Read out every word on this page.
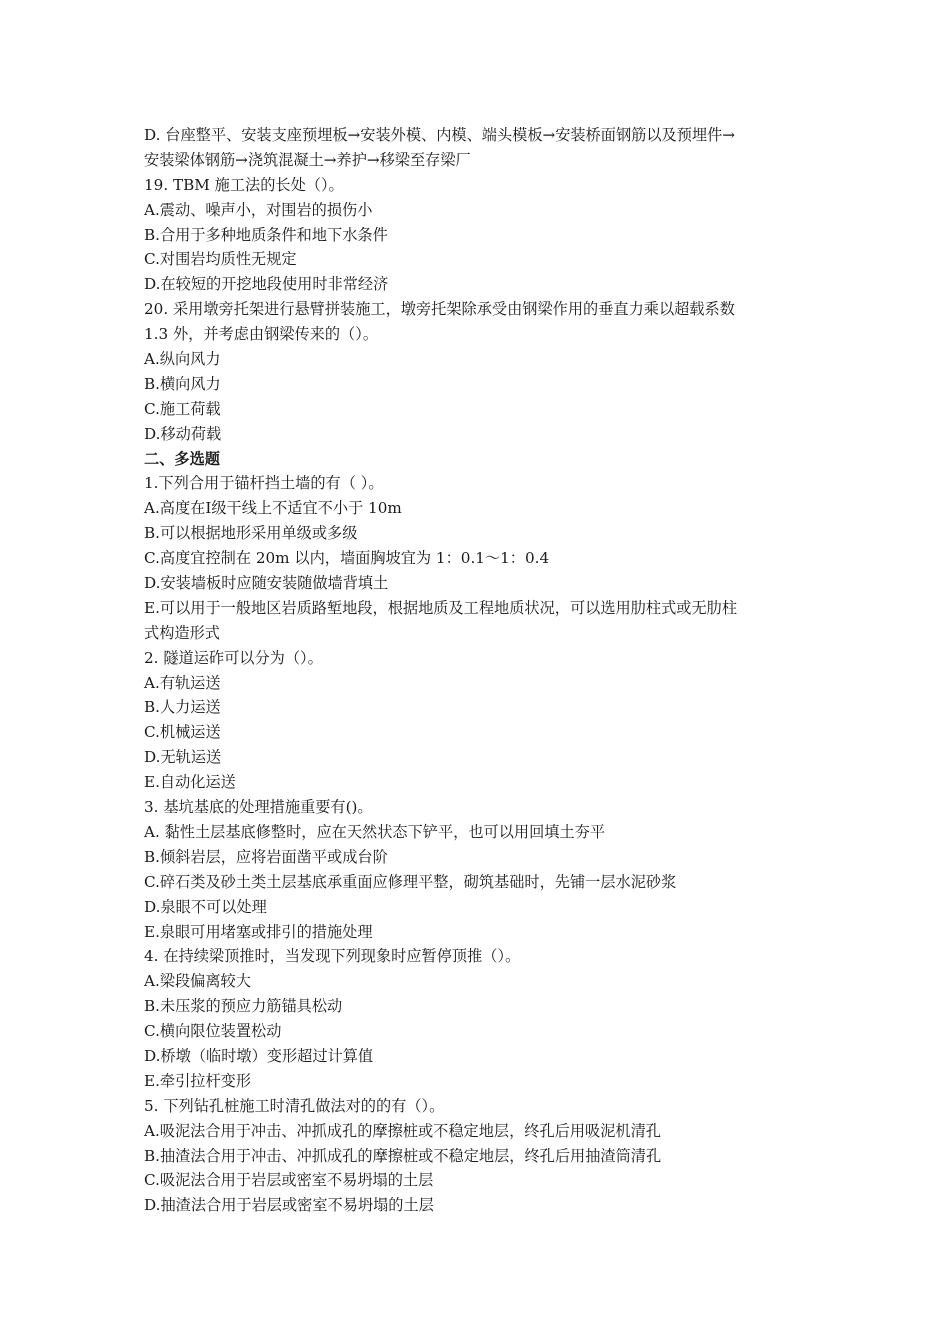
D. 台座整平、安装支座预埋板→安装外模、内模、端头模板→安装桥面钢筋以及预埋件→
安装梁体钢筋→浇筑混凝土→养护→移梁至存梁厂
19. TBM 施工法的长处（）。
A.震动、噪声小，对围岩的损伤小
B.合用于多种地质条件和地下水条件
C.对围岩均质性无规定
D.在较短的开挖地段使用时非常经济
20. 采用墩旁托架进行悬臂拼装施工，墩旁托架除承受由钢梁作用的垂直力乘以超载系数
1.3 外，并考虑由钢梁传来的（）。
A.纵向风力
B.横向风力
C.施工荷载
D.移动荷载
二、多选题
1.下列合用于锚杆挡土墙的有（ ）。
A.高度在Ⅰ级干线上不适宜不小于 10m
B.可以根据地形采用单级或多级
C.高度宜控制在 20m 以内，墙面胸坡宜为 1：0.1～1：0.4
D.安装墙板时应随安装随做墙背填土
E.可以用于一般地区岩质路堑地段，根据地质及工程地质状况，可以选用肋柱式或无肋柱
式构造形式
2. 隧道运砟可以分为（）。
A.有轨运送
B.人力运送
C.机械运送
D.无轨运送
E.自动化运送
3. 基坑基底的处理措施重要有()。
A. 黏性土层基底修整时，应在天然状态下铲平，也可以用回填土夯平
B.倾斜岩层，应将岩面凿平或成台阶
C.碎石类及砂土类土层基底承重面应修理平整，砌筑基础时，先铺一层水泥砂浆
D.泉眼不可以处理
E.泉眼可用堵塞或排引的措施处理
4. 在持续梁顶推时，当发现下列现象时应暂停顶推（）。
A.梁段偏离较大
B.未压浆的预应力筋锚具松动
C.横向限位装置松动
D.桥墩（临时墩）变形超过计算值
E.牵引拉杆变形
5. 下列钻孔桩施工时清孔做法对的的有（）。
A.吸泥法合用于冲击、冲抓成孔的摩擦桩或不稳定地层，终孔后用吸泥机清孔
B.抽渣法合用于冲击、冲抓成孔的摩擦桩或不稳定地层，终孔后用抽渣筒清孔
C.吸泥法合用于岩层或密室不易坍塌的土层
D.抽渣法合用于岩层或密室不易坍塌的土层
